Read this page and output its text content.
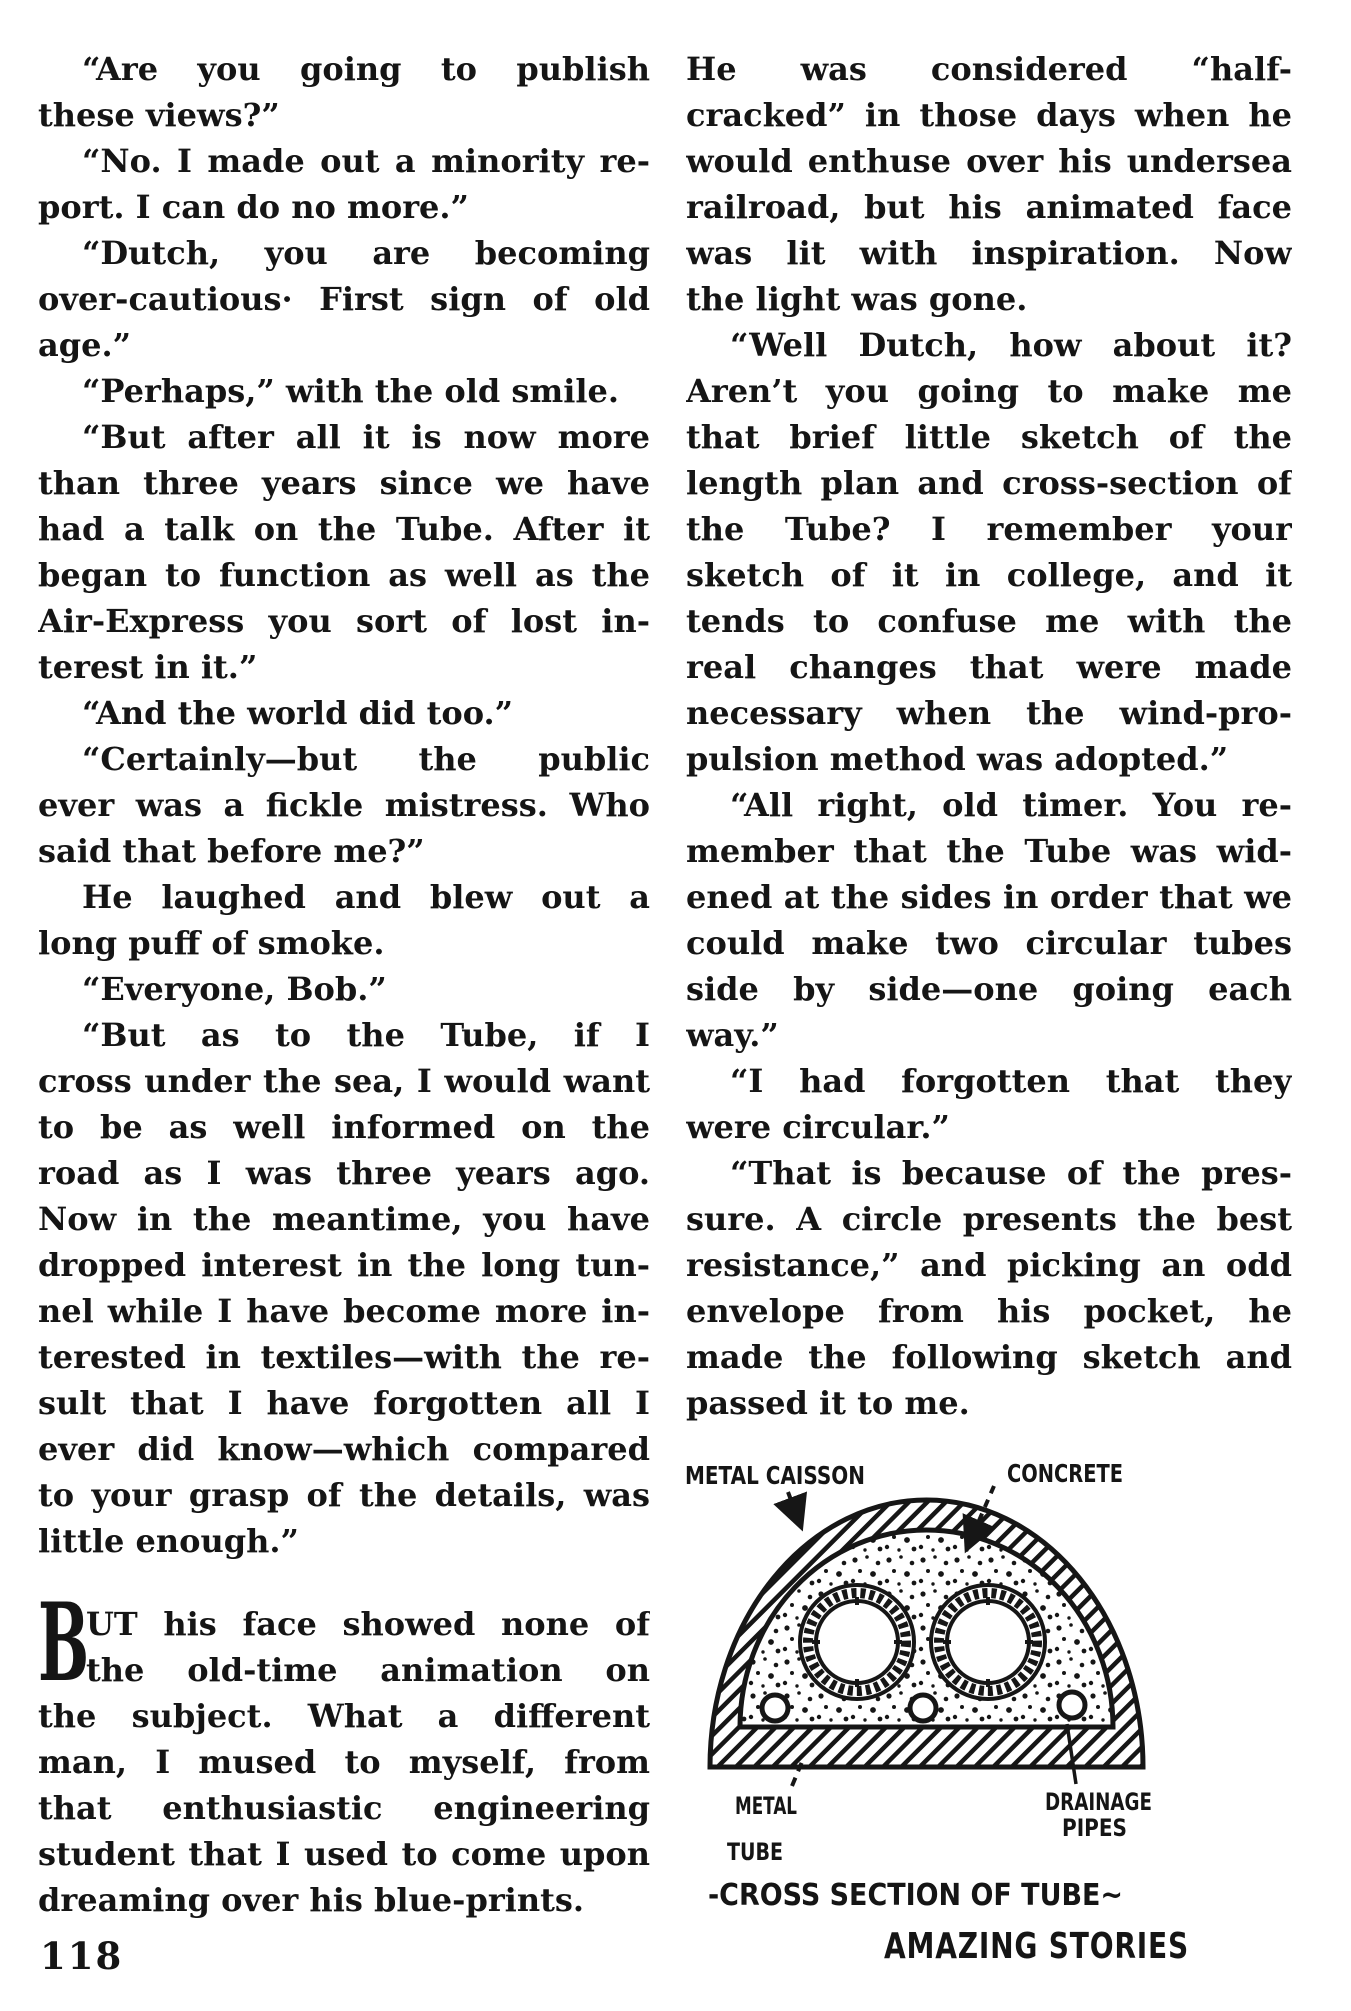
“Are you going to publish
these views?”
“No. I made out a minority re-
port. I can do no more.”
“Dutch, you are becoming
over-cautious· First sign of old
age.”
“Perhaps,” with the old smile.
“But after all it is now more
than three years since we have
had a talk on the Tube. After it
began to function as well as the
Air-Express you sort of lost in-
terest in it.”
“And the world did too.”
“Certainly—but the public
ever was a fickle mistress. Who
said that before me?”
He laughed and blew out a
long puff of smoke.
“Everyone, Bob.”
“But as to the Tube, if I
cross under the sea, I would want
to be as well informed on the
road as I was three years ago.
Now in the meantime, you have
dropped interest in the long tun-
nel while I have become more in-
terested in textiles—with the re-
sult that I have forgotten all I
ever did know—which compared
to your grasp of the details, was
little enough.”
B
UT his face showed none of
the old-time animation on
the subject. What a different
man, I mused to myself, from
that enthusiastic engineering
student that I used to come upon
dreaming over his blue-prints.
He was considered “half-
cracked” in those days when he
would enthuse over his undersea
railroad, but his animated face
was lit with inspiration. Now
the light was gone.
“Well Dutch, how about it?
Aren’t you going to make me
that brief little sketch of the
length plan and cross-section of
the Tube? I remember your
sketch of it in college, and it
tends to confuse me with the
real changes that were made
necessary when the wind-pro-
pulsion method was adopted.”
“All right, old timer. You re-
member that the Tube was wid-
ened at the sides in order that we
could make two circular tubes
side by side—one going each
way.”
“I had forgotten that they
were circular.”
“That is because of the pres-
sure. A circle presents the best
resistance,” and picking an odd
envelope from his pocket, he
made the following sketch and
passed it to me.
METAL CAISSON	CONCRETE
METAL
TUBE
DRAINAGE
PIPES
-CROSS SECTION OF TUBE~
118	AMAZING STORIES
